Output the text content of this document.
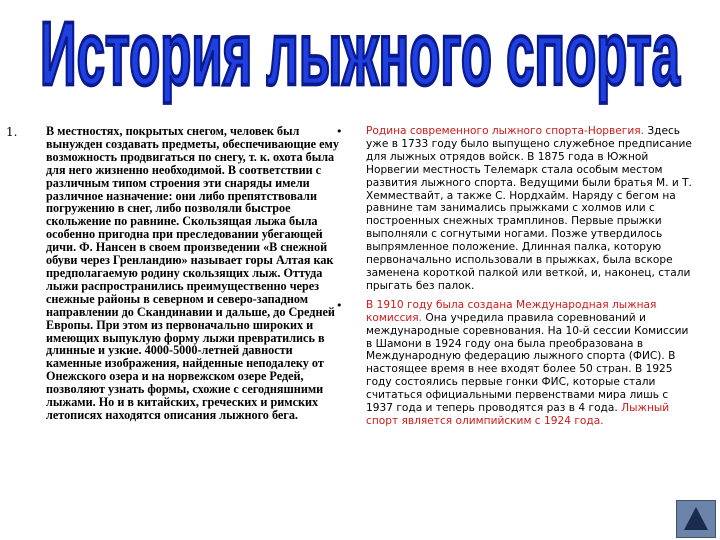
История лыжного спорта
1. В местностях, покрытых снегом, человек был вынужден создавать предметы, обеспечивающие ему возможность продвигаться по снегу, т. к. охота была для него жизненно необходимой. В соответствии с различным типом строения эти снаряды имели различное назначение: они либо препятствовали погружению в снег, либо позволяли быстрое скольжение по равнине. Скользящая лыжа была особенно пригодна при преследовании убегающей дичи. Ф. Нансен в своем произведении «В снежной обуви через Гренландию» называет горы Алтая как предполагаемую родину скользящих лыж. Оттуда лыжи распространились преимущественно через снежные районы в северном и северо-западном направлении до Скандинавии и дальше, до Средней Европы. При этом из первоначально широких и имеющих выпуклую форму лыжи превратились в длинные и узкие. 4000-5000-летней давности каменные изображения, найденные неподалеку от Онежского озера и на норвежском озере Редей, позволяют узнать формы, схожие с сегодняшними лыжами. Но и в китайских, греческих и римских летописях находятся описания лыжного бега.

• Родина современного лыжного спорта-Норвегия. Здесь уже в 1733 году было выпущено служебное предписание для лыжных отрядов войск. В 1875 года в Южной Норвегии местность Телемарк стала особым местом развития лыжного спорта. Ведущими были братья М. и Т. Хеммествайт, а также С. Нордхайм. Наряду с бегом на равнине там занимались прыжками с холмов или с построенных снежных трамплинов. Первые прыжки выполняли с согнутыми ногами. Позже утвердилось выпрямленное положение. Длинная палка, которую первоначально использовали в прыжках, была вскоре заменена короткой палкой или веткой, и, наконец, стали прыгать без палок.

• В 1910 году была создана Международная лыжная комиссия. Она учредила правила соревнований и международные соревнования. На 10-й сессии Комиссии в Шамони в 1924 году она была преобразована в Международную федерацию лыжного спорта (ФИС). В настоящее время в нее входят более 50 стран. В 1925 году состоялись первые гонки ФИС, которые стали считаться официальными первенствами мира лишь с 1937 года и теперь проводятся раз в 4 года. Лыжный спорт является олимпийским с 1924 года.
